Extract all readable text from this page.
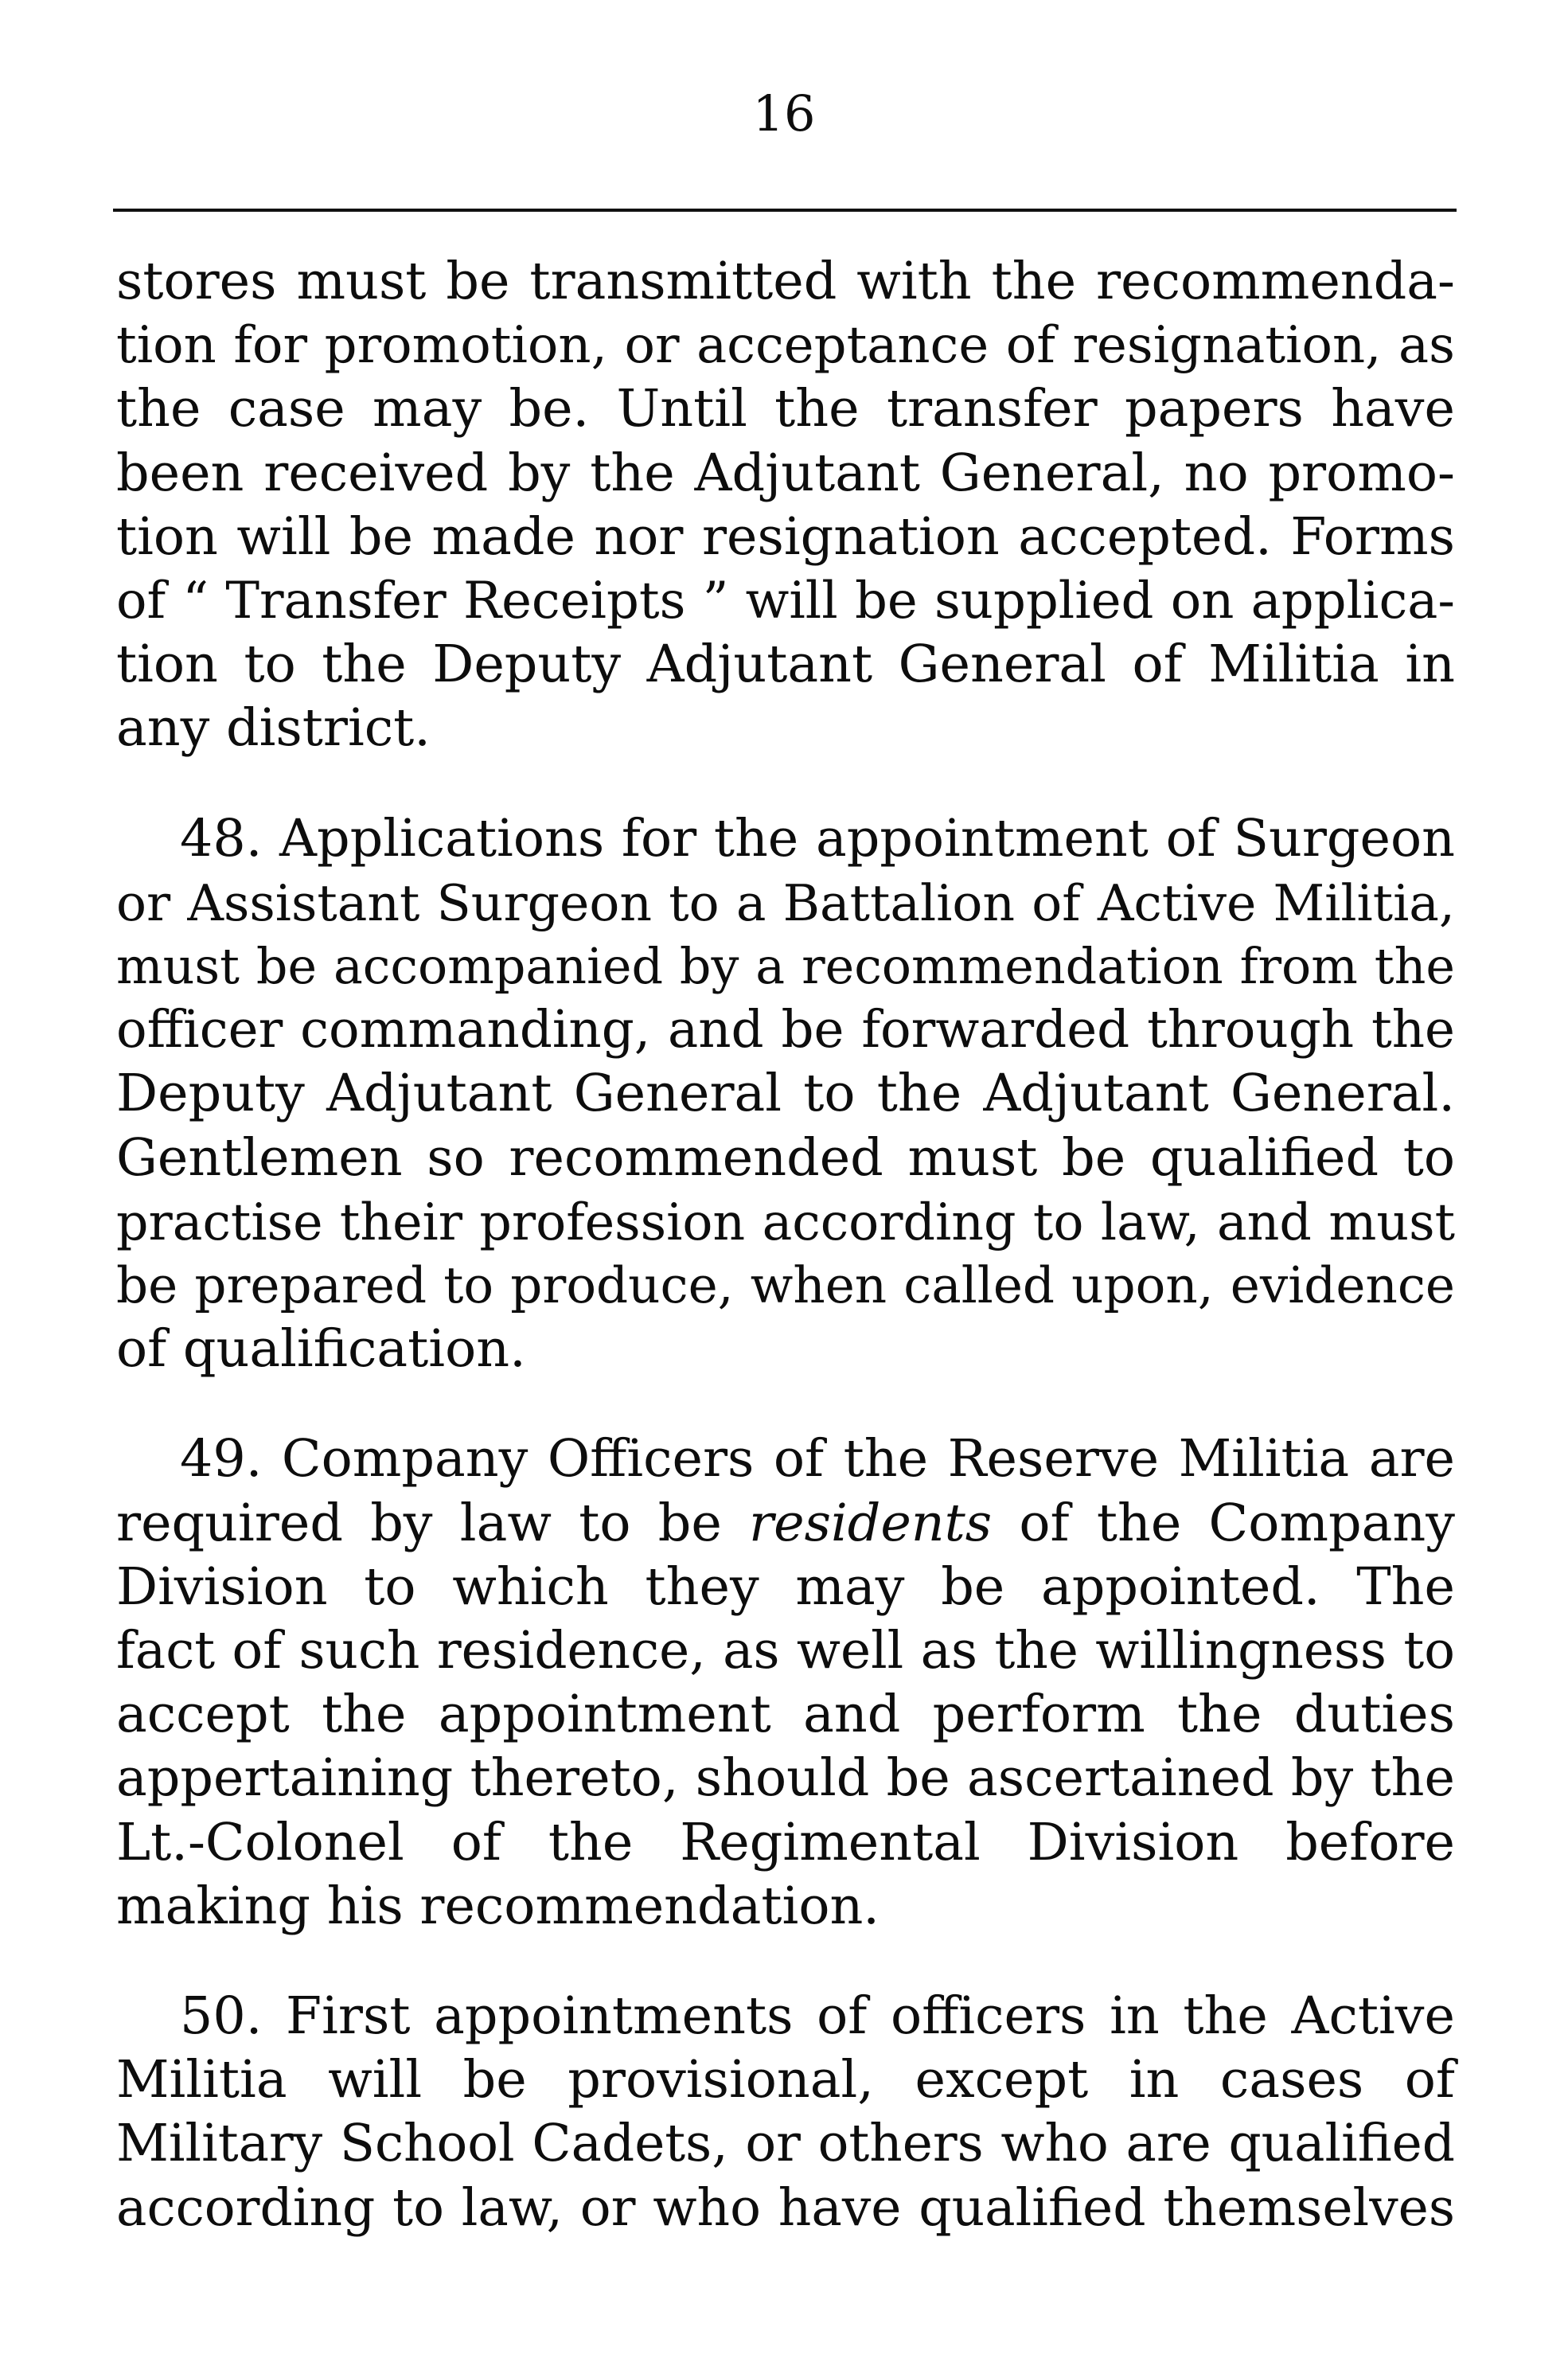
16
stores must be transmitted with the recommenda-
tion for promotion, or acceptance of resignation, as
the case may be. Until the transfer papers have
been received by the Adjutant General, no promo-
tion will be made nor resignation accepted. Forms
of “ Transfer Receipts ” will be supplied on applica-
tion to the Deputy Adjutant General of Militia in
any district.
48. Applications for the appointment of Surgeon
or Assistant Surgeon to a Battalion of Active Militia,
must be accompanied by a recommendation from the
officer commanding, and be forwarded through the
Deputy Adjutant General to the Adjutant General.
Gentlemen so recommended must be qualified to
practise their profession according to law, and must
be prepared to produce, when called upon, evidence
of qualification.
49. Company Officers of the Reserve Militia are
required by law to be residents of the Company
Division to which they may be appointed. The
fact of such residence, as well as the willingness to
accept the appointment and perform the duties
appertaining thereto, should be ascertained by the
Lt.-Colonel of the Regimental Division before
making his recommendation.
50. First appointments of officers in the Active
Militia will be provisional, except in cases of
Military School Cadets, or others who are qualified
according to law, or who have qualified themselves
